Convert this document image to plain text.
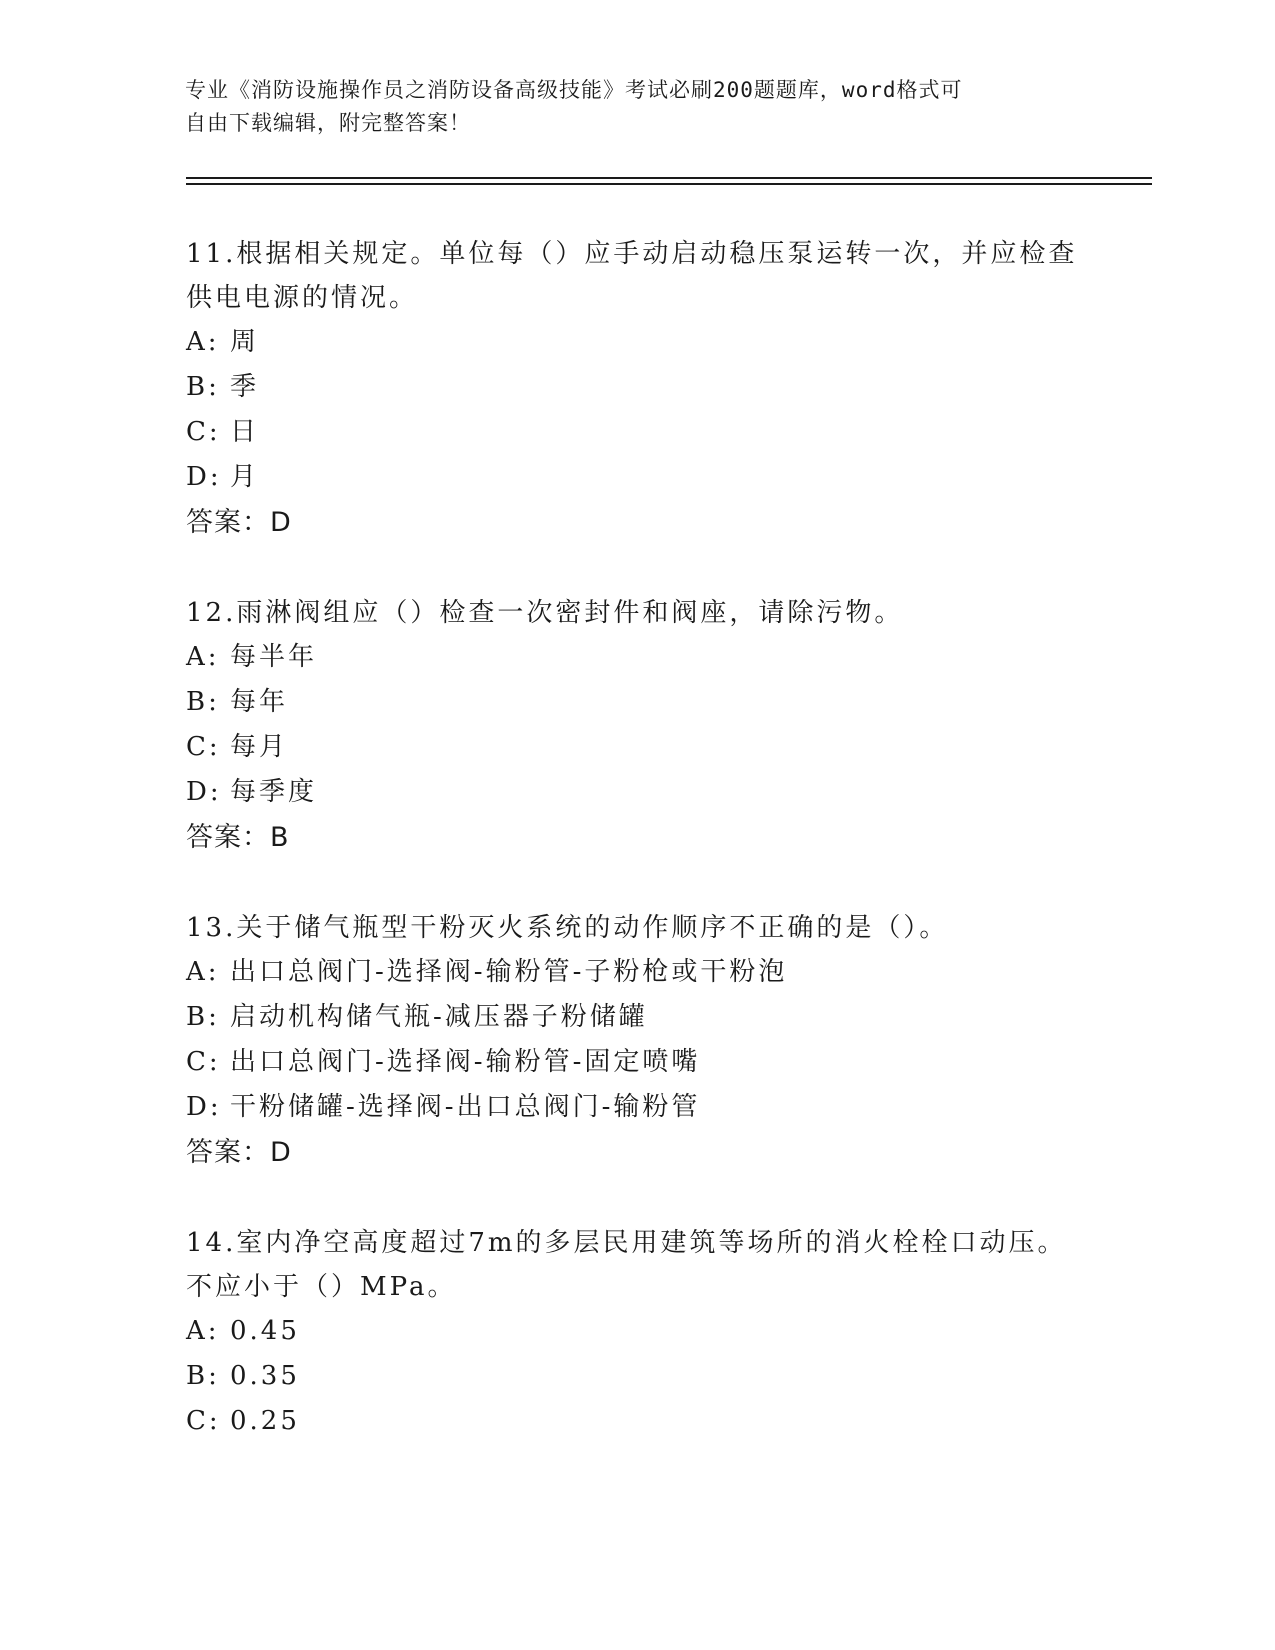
专业《消防设施操作员之消防设备高级技能》考试必刷200题题库，word格式可
自由下载编辑，附完整答案！

11.根据相关规定。单位每（）应手动启动稳压泵运转一次，并应检查

供电电源的情况。

A: 周

B: 季

C: 日

D: 月

答案：D

12.雨淋阀组应（）检查一次密封件和阀座，请除污物。

A: 每半年

B: 每年

C: 每月

D: 每季度

答案：B

13.关于储气瓶型干粉灭火系统的动作顺序不正确的是（）。

A: 出口总阀门-选择阀-输粉管-子粉枪或干粉泡

B: 启动机构储气瓶-减压器子粉储罐

C: 出口总阀门-选择阀-输粉管-固定喷嘴

D: 干粉储罐-选择阀-出口总阀门-输粉管

答案：D

14.室内净空高度超过7m的多层民用建筑等场所的消火栓栓口动压。

不应小于（）MPa。

A: 0.45

B: 0.35

C: 0.25
